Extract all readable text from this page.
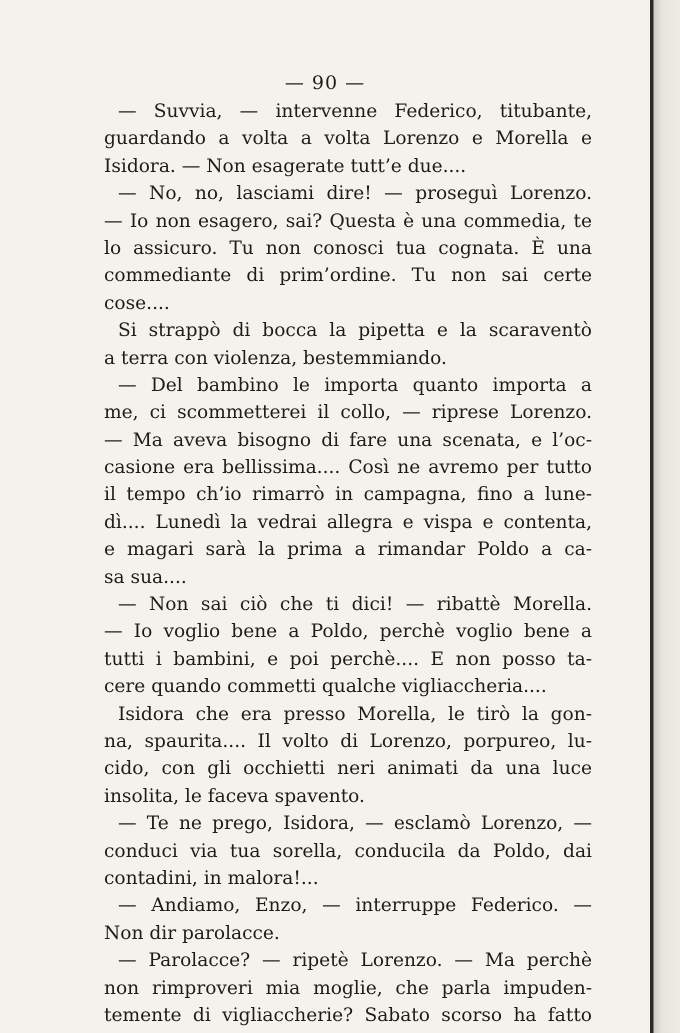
— 90 —
— Suvvia, — intervenne Federico, titubante,
guardando a volta a volta Lorenzo e Morella e
Isidora. — Non esagerate tutt’e due....
— No, no, lasciami dire! — proseguì Lorenzo.
— Io non esagero, sai? Questa è una commedia, te
lo assicuro. Tu non conosci tua cognata. È una
commediante di prim’ordine. Tu non sai certe
cose....
Si strappò di bocca la pipetta e la scaraventò
a terra con violenza, bestemmiando.
— Del bambino le importa quanto importa a
me, ci scommetterei il collo, — riprese Lorenzo.
— Ma aveva bisogno di fare una scenata, e l’oc-
casione era bellissima.... Così ne avremo per tutto
il tempo ch’io rimarrò in campagna, fino a lune-
dì.... Lunedì la vedrai allegra e vispa e contenta,
e magari sarà la prima a rimandar Poldo a ca-
sa sua....
— Non sai ciò che ti dici! — ribattè Morella.
— Io voglio bene a Poldo, perchè voglio bene a
tutti i bambini, e poi perchè.... E non posso ta-
cere quando commetti qualche vigliaccheria....
Isidora che era presso Morella, le tirò la gon-
na, spaurita.... Il volto di Lorenzo, porpureo, lu-
cido, con gli occhietti neri animati da una luce
insolita, le faceva spavento.
— Te ne prego, Isidora, — esclamò Lorenzo, —
conduci via tua sorella, conducila da Poldo, dai
contadini, in malora!...
— Andiamo, Enzo, — interruppe Federico. —
Non dir parolacce.
— Parolacce? — ripetè Lorenzo. — Ma perchè
non rimproveri mia moglie, che parla impuden-
temente di vigliaccherie? Sabato scorso ha fatto
